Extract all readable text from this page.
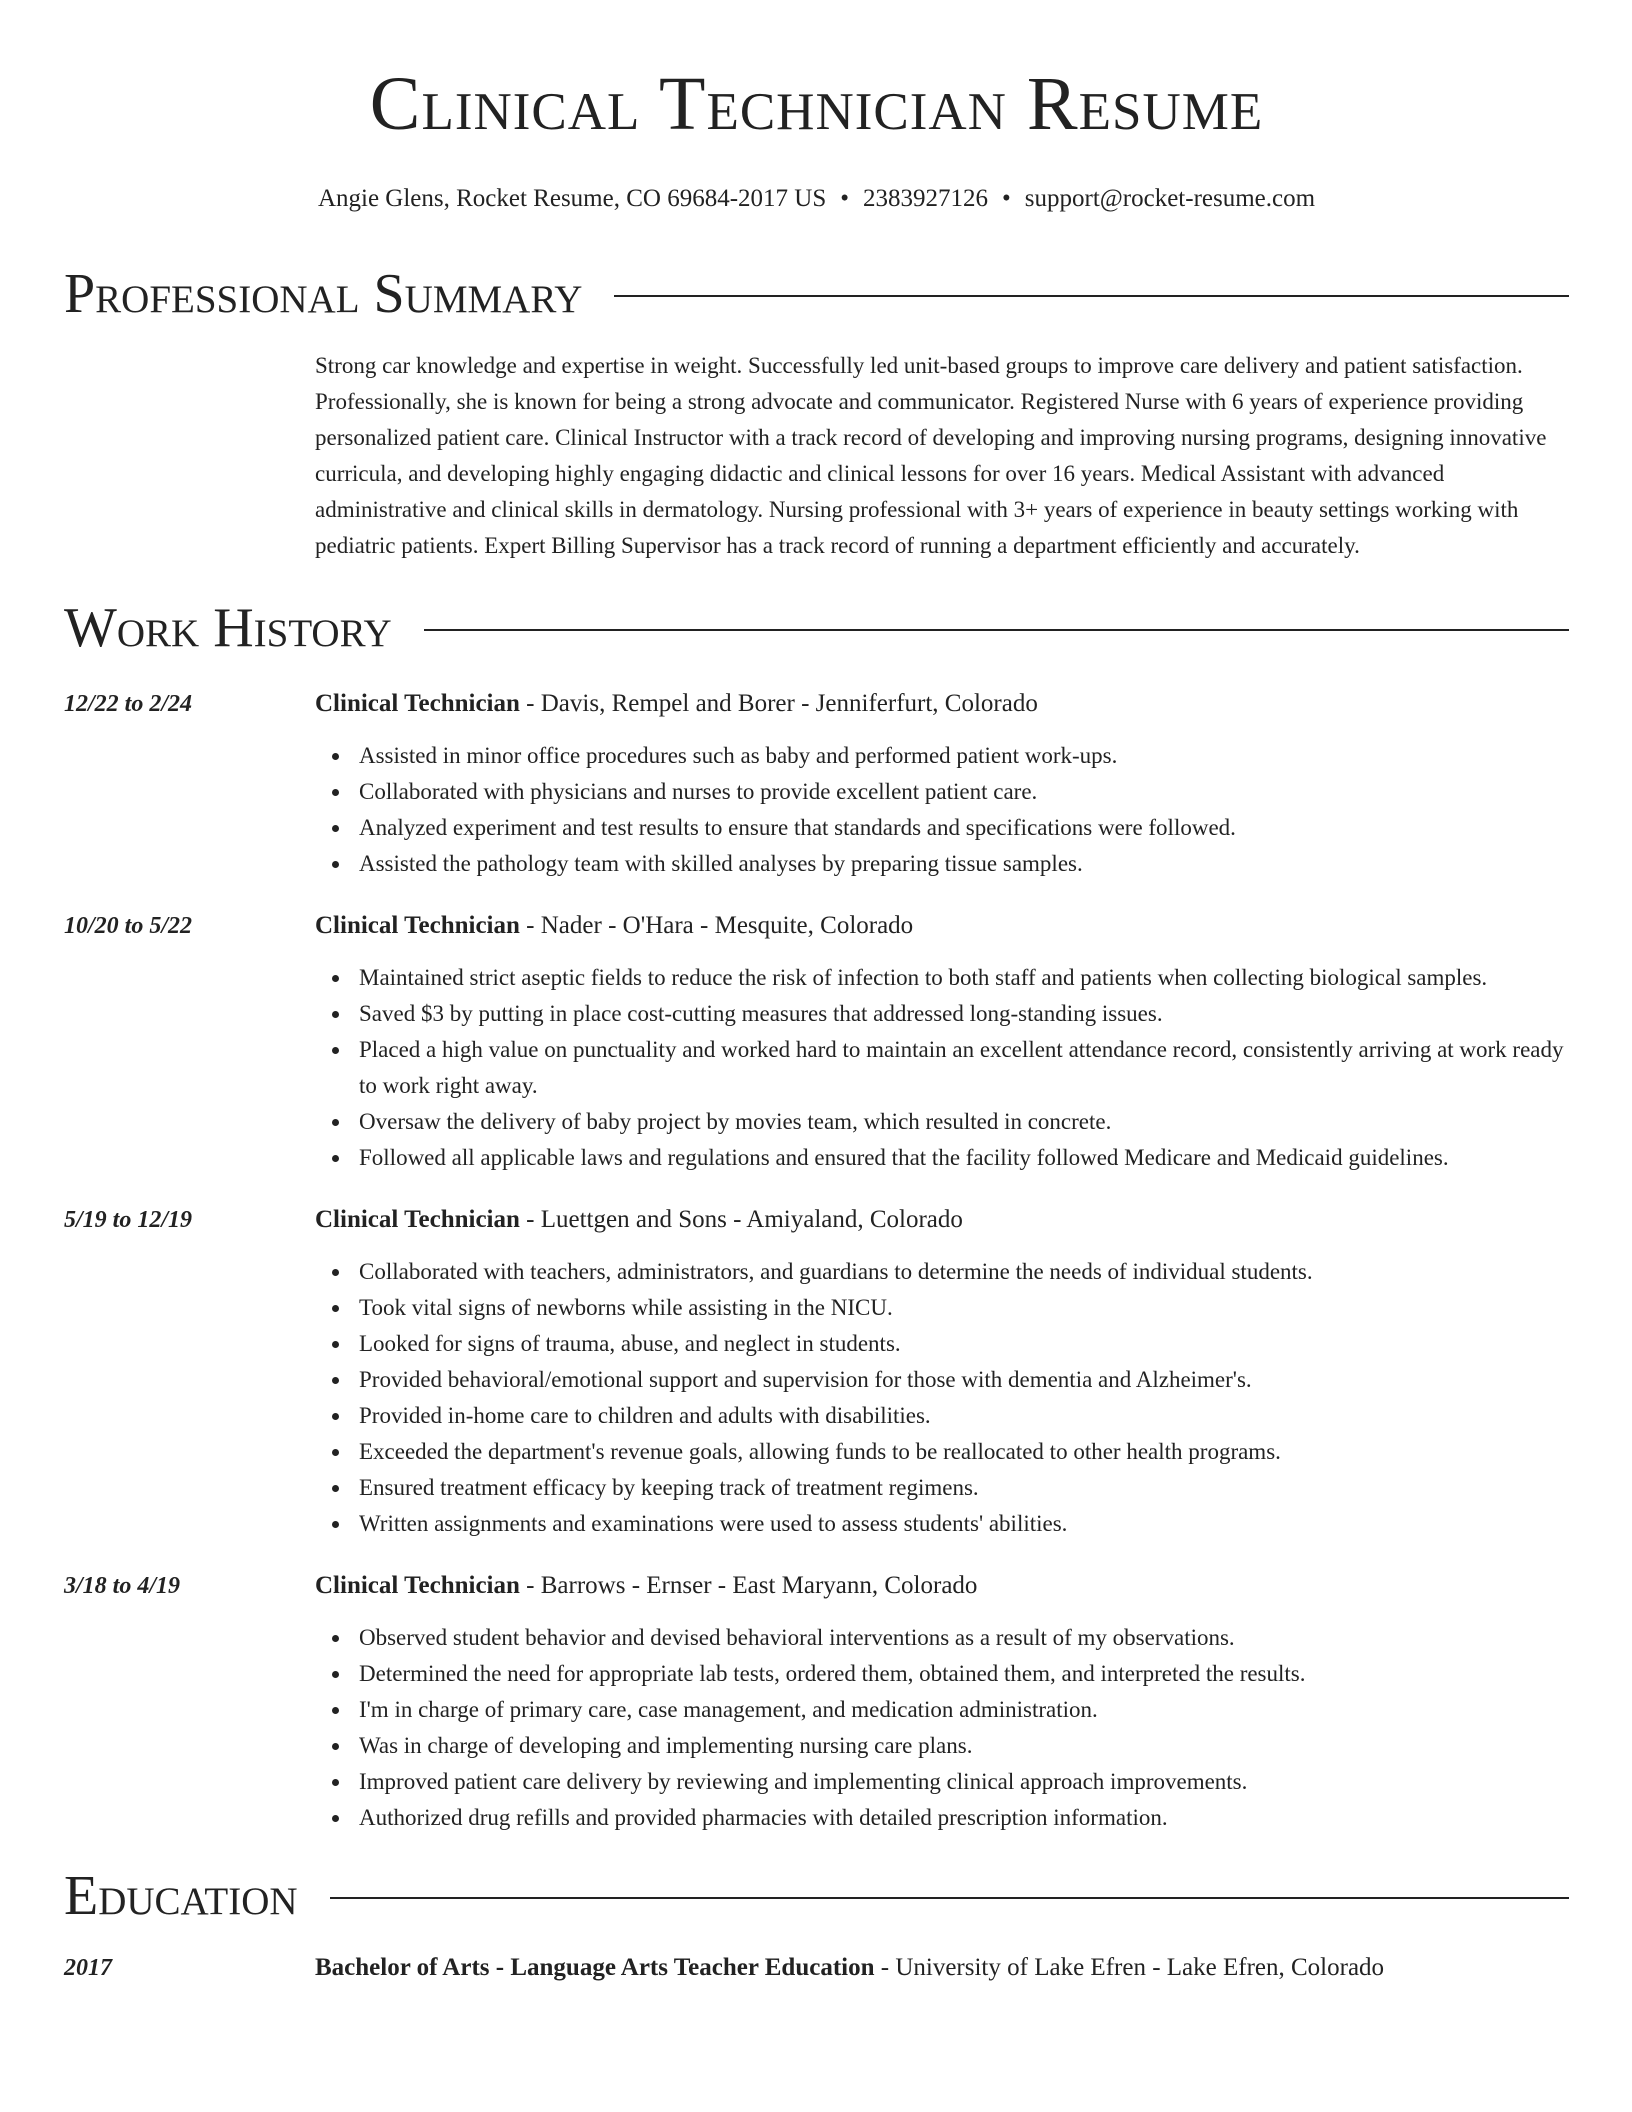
Clinical Technician Resume
Angie Glens, Rocket Resume, CO 69684-2017 US • 2383927126 • support@rocket-resume.com
Professional Summary

Strong car knowledge and expertise in weight. Successfully led unit-based groups to improve care delivery and patient satisfaction. Professionally, she is known for being a strong advocate and communicator. Registered Nurse with 6 years of experience providing personalized patient care. Clinical Instructor with a track record of developing and improving nursing programs, designing innovative curricula, and developing highly engaging didactic and clinical lessons for over 16 years. Medical Assistant with advanced administrative and clinical skills in dermatology. Nursing professional with 3+ years of experience in beauty settings working with pediatric patients. Expert Billing Supervisor has a track record of running a department efficiently and accurately.

Work History
12/22 to 2/24	Clinical Technician - Davis, Rempel and Borer - Jenniferfurt, Colorado
Assisted in minor office procedures such as baby and performed patient work-ups.
Collaborated with physicians and nurses to provide excellent patient care.
Analyzed experiment and test results to ensure that standards and specifications were followed.
Assisted the pathology team with skilled analyses by preparing tissue samples.
10/20 to 5/22	Clinical Technician - Nader - O'Hara - Mesquite, Colorado
Maintained strict aseptic fields to reduce the risk of infection to both staff and patients when collecting biological samples.
Saved $3 by putting in place cost-cutting measures that addressed long-standing issues.
Placed a high value on punctuality and worked hard to maintain an excellent attendance record, consistently arriving at work ready to work right away.
Oversaw the delivery of baby project by movies team, which resulted in concrete.
Followed all applicable laws and regulations and ensured that the facility followed Medicare and Medicaid guidelines.
5/19 to 12/19	Clinical Technician - Luettgen and Sons - Amiyaland, Colorado
Collaborated with teachers, administrators, and guardians to determine the needs of individual students.
Took vital signs of newborns while assisting in the NICU.
Looked for signs of trauma, abuse, and neglect in students.
Provided behavioral/emotional support and supervision for those with dementia and Alzheimer's.
Provided in-home care to children and adults with disabilities.
Exceeded the department's revenue goals, allowing funds to be reallocated to other health programs.
Ensured treatment efficacy by keeping track of treatment regimens.
Written assignments and examinations were used to assess students' abilities.
3/18 to 4/19	Clinical Technician - Barrows - Ernser - East Maryann, Colorado
Observed student behavior and devised behavioral interventions as a result of my observations.
Determined the need for appropriate lab tests, ordered them, obtained them, and interpreted the results.
I'm in charge of primary care, case management, and medication administration.
Was in charge of developing and implementing nursing care plans.
Improved patient care delivery by reviewing and implementing clinical approach improvements.
Authorized drug refills and provided pharmacies with detailed prescription information.
Education
2017	Bachelor of Arts - Language Arts Teacher Education - University of Lake Efren - Lake Efren, Colorado
